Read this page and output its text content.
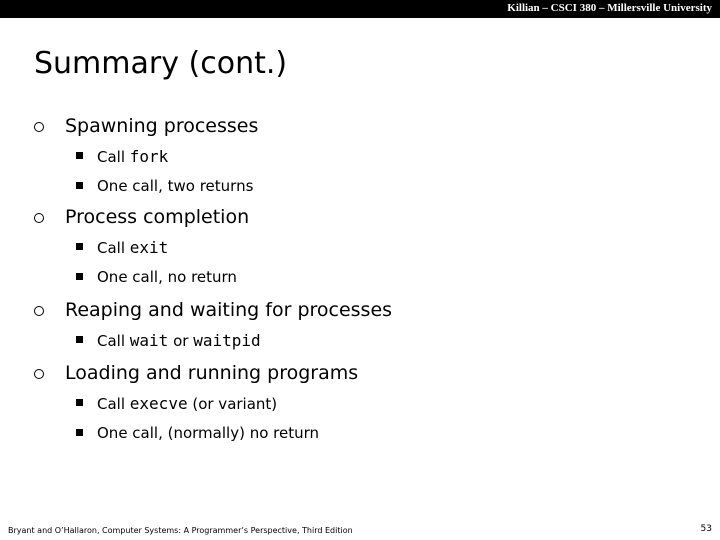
Killian – CSCI 380 – Millersville University
Summary (cont.)
Spawning processes
Call fork
One call, two returns
Process completion
Call exit
One call, no return
Reaping and waiting for processes
Call wait or waitpid
Loading and running programs
Call execve (or variant)
One call, (normally) no return
Bryant and O’Hallaron, Computer Systems: A Programmer’s Perspective, Third Edition	53
